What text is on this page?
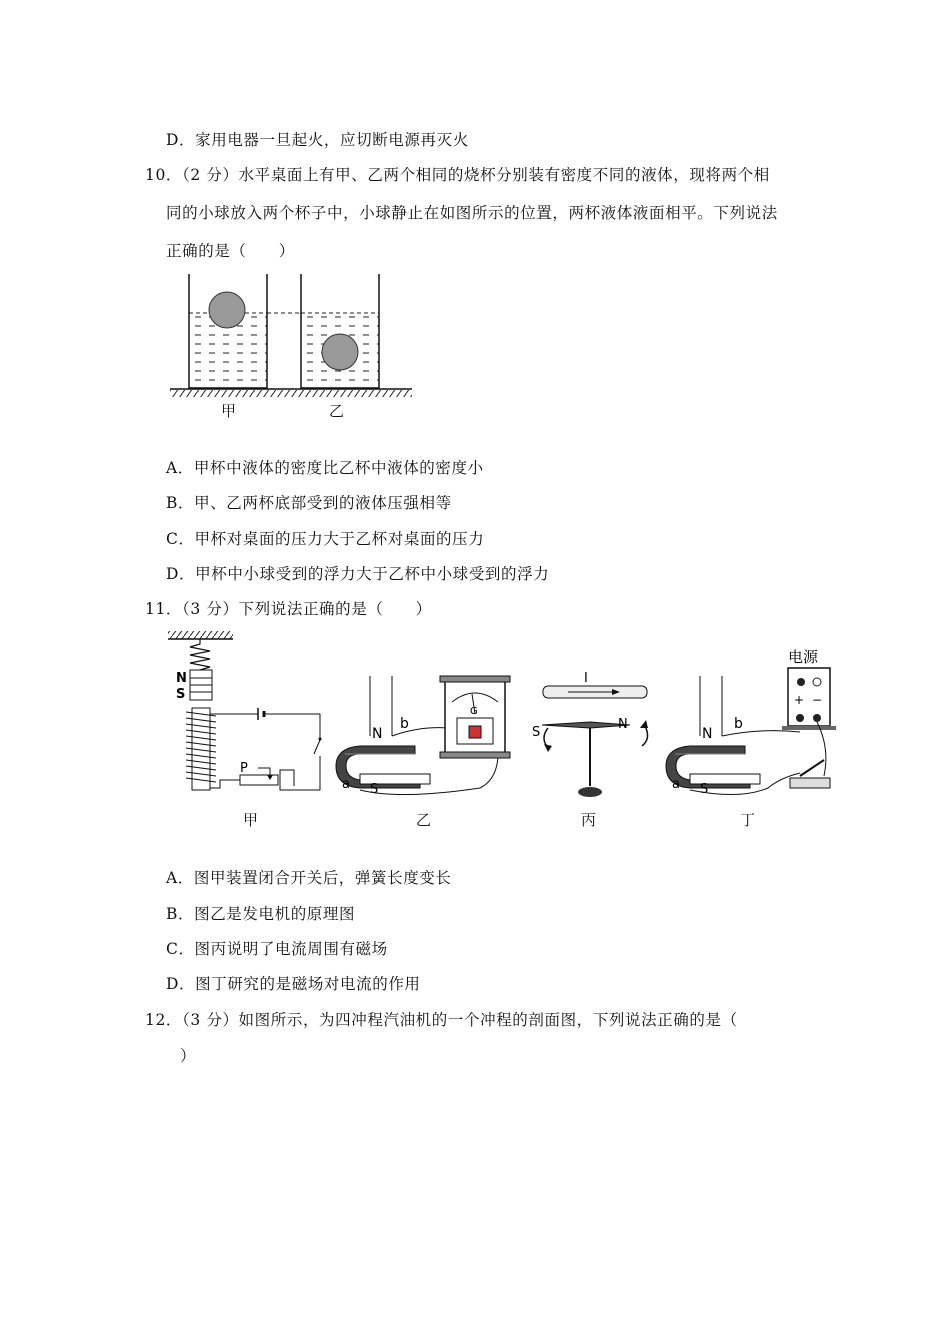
D．家用电器一旦起火，应切断电源再灭火
10．（2 分）水平桌面上有甲、乙两个相同的烧杯分别装有密度不同的液体，现将两个相
同的小球放入两个杯子中，小球静止在如图所示的位置，两杯液体液面相平。下列说法
正确的是（　　）
甲	乙
A．甲杯中液体的密度比乙杯中液体的密度小
B．甲、乙两杯底部受到的液体压强相等
C．甲杯对桌面的压力大于乙杯对桌面的压力
D．甲杯中小球受到的浮力大于乙杯中小球受到的浮力
11．（3 分）下列说法正确的是（　　）
N
S
P
N
b
a S
G
I
S
N
N
b
a S
电源
+ −
甲	乙	丙	丁
A．图甲装置闭合开关后，弹簧长度变长
B．图乙是发电机的原理图
C．图丙说明了电流周围有磁场
D．图丁研究的是磁场对电流的作用
12．（3 分）如图所示，为四冲程汽油机的一个冲程的剖面图，下列说法正确的是（
）
